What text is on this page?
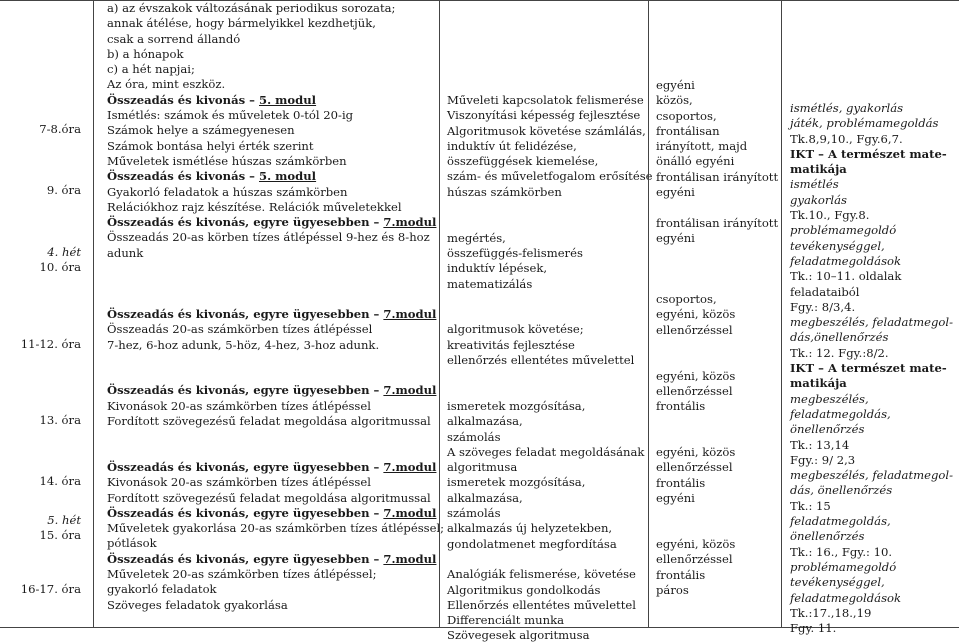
7-8.óra
9. óra
4. hét
10. óra
11-12. óra
13. óra
14. óra
5. hét
15. óra
16-17. óra
a) az évszakok változásának periodikus sorozata;
annak átélése, hogy bármelyikkel kezdhetjük,
csak a sorrend állandó
b) a hónapok
c) a hét napjai;
Az óra, mint eszköz.
Összeadás és kivonás – 5. modul
Ismétlés: számok és műveletek 0-tól 20-ig
Számok helye a számegyenesen
Számok bontása helyi érték szerint
Műveletek ismétlése húszas számkörben
Összeadás és kivonás – 5. modul
Gyakorló feladatok a húszas számkörben
Relációkhoz rajz készítése. Relációk műveletekkel
Összeadás és kivonás, egyre ügyesebben – 7.modul
Összeadás 20-as körben tízes átlépéssel 9-hez és 8-hoz
adunk

Összeadás és kivonás, egyre ügyesebben – 7.modul
Összeadás 20-as számkörben tízes átlépéssel
7-hez, 6-hoz adunk, 5-höz, 4-hez, 3-hoz adunk.

Összeadás és kivonás, egyre ügyesebben – 7.modul
Kivonások 20-as számkörben tízes átlépéssel
Fordított szövegezésű feladat megoldása algoritmussal

Összeadás és kivonás, egyre ügyesebben – 7.modul
Kivonások 20-as számkörben tízes átlépéssel
Fordított szövegezésű feladat megoldása algoritmussal
Összeadás és kivonás, egyre ügyesebben – 7.modul
Műveletek gyakorlása 20-as számkörben tízes átlépéssel;
pótlások
Összeadás és kivonás, egyre ügyesebben – 7.modul
Műveletek 20-as számkörben tízes átlépéssel;
gyakorló feladatok
Szöveges feladatok gyakorlása
Műveleti kapcsolatok felismerése
Viszonyítási képesség fejlesztése
Algoritmusok követése számlálás,
induktív út felidézése,
összefüggések kiemelése,
szám- és műveletfogalom erősítése
húszas számkörben

megértés,
összefüggés-felismerés
induktív lépések,
matematizálás

algoritmusok követése;
kreativitás fejlesztése
ellenőrzés ellentétes művelettel

ismeretek mozgósítása,
alkalmazása,
számolás
A szöveges feladat megoldásának
algoritmusa
ismeretek mozgósítása,
alkalmazása,
számolás
alkalmazás új helyzetekben,
gondolatmenet megfordítása

Analógiák felismerése, követése
Algoritmikus gondolkodás
Ellenőrzés ellentétes művelettel
Differenciált munka
Szövegesek algoritmusa
egyéni
közös,
csoportos,
frontálisan
irányított, majd
önálló egyéni
frontálisan irányított
egyéni

frontálisan irányított
egyéni

csoportos,
egyéni, közös
ellenőrzéssel

egyéni, közös
ellenőrzéssel
frontális

egyéni, közös
ellenőrzéssel
frontális
egyéni

egyéni, közös
ellenőrzéssel
frontális
páros
ismétlés, gyakorlás
játék, problémamegoldás
Tk.8,9,10., Fgy.6,7.
IKT – A természet mate-
matikája
ismétlés
gyakorlás
Tk.10., Fgy.8.
problémamegoldó
tevékenységgel,
feladatmegoldások
Tk.: 10–11. oldalak
feladataiból
Fgy.: 8/3,4.
megbeszélés, feladatmegol-
dás,önellenőrzés
Tk.: 12. Fgy.:8/2.
IKT – A természet mate-
matikája
megbeszélés,
feladatmegoldás,
önellenőrzés
Tk.: 13,14
Fgy.: 9/ 2,3
megbeszélés, feladatmegol-
dás, önellenőrzés
Tk.: 15
feladatmegoldás,
önellenőrzés
Tk.: 16., Fgy.: 10.
problémamegoldó
tevékenységgel,
feladatmegoldások
Tk.:17.,18.,19
Fgy. 11.
